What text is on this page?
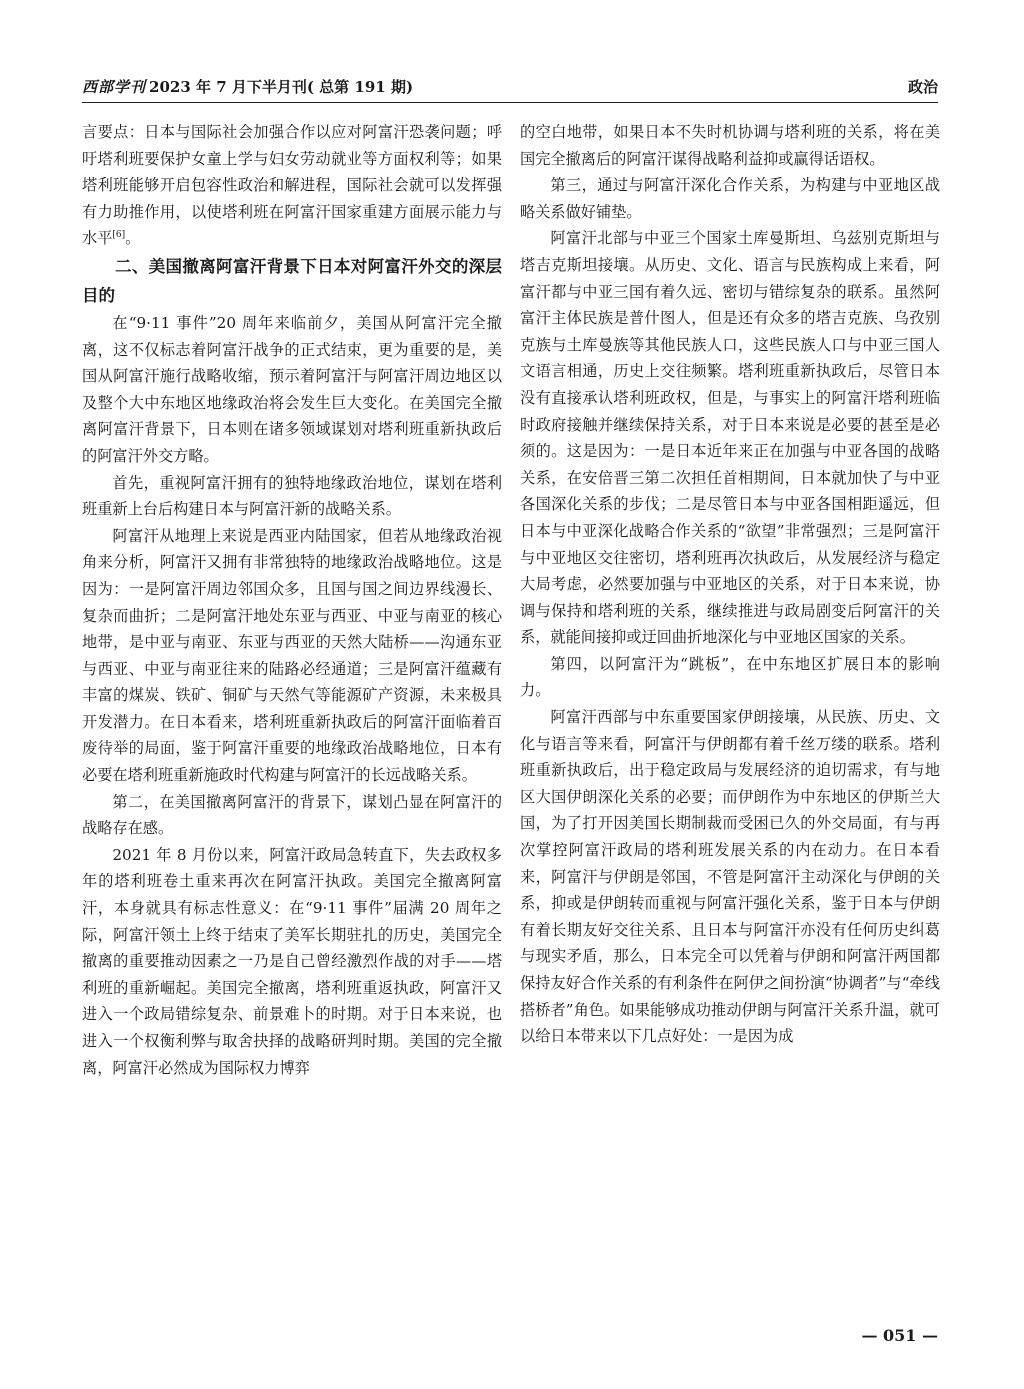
西部学刊 2023 年 7 月下半月刊( 总第 191 期)	政治

言要点：日本与国际社会加强合作以应对阿富汗恐袭问题；呼吁塔利班要保护女童上学与妇女劳动就业等方面权利等；如果塔利班能够开启包容性政治和解进程，国际社会就可以发挥强有力助推作用，以使塔利班在阿富汗国家重建方面展示能力与水平[6]。

二、美国撤离阿富汗背景下日本对阿富汗外交的深层目的

在“9·11 事件”20 周年来临前夕，美国从阿富汗完全撤离，这不仅标志着阿富汗战争的正式结束，更为重要的是，美国从阿富汗施行战略收缩，预示着阿富汗与阿富汗周边地区以及整个大中东地区地缘政治将会发生巨大变化。在美国完全撤离阿富汗背景下，日本则在诸多领域谋划对塔利班重新执政后的阿富汗外交方略。

首先，重视阿富汗拥有的独特地缘政治地位，谋划在塔利班重新上台后构建日本与阿富汗新的战略关系。

阿富汗从地理上来说是西亚内陆国家，但若从地缘政治视角来分析，阿富汗又拥有非常独特的地缘政治战略地位。这是因为：一是阿富汗周边邻国众多，且国与国之间边界线漫长、复杂而曲折；二是阿富汗地处东亚与西亚、中亚与南亚的核心地带，是中亚与南亚、东亚与西亚的天然大陆桥——沟通东亚与西亚、中亚与南亚往来的陆路必经通道；三是阿富汗蕴藏有丰富的煤炭、铁矿、铜矿与天然气等能源矿产资源，未来极具开发潜力。在日本看来，塔利班重新执政后的阿富汗面临着百废待举的局面，鉴于阿富汗重要的地缘政治战略地位，日本有必要在塔利班重新施政时代构建与阿富汗的长远战略关系。

第二，在美国撤离阿富汗的背景下，谋划凸显在阿富汗的战略存在感。

2021 年 8 月份以来，阿富汗政局急转直下，失去政权多年的塔利班卷土重来再次在阿富汗执政。美国完全撤离阿富汗，本身就具有标志性意义：在“9·11 事件”届满 20 周年之际，阿富汗领土上终于结束了美军长期驻扎的历史，美国完全撤离的重要推动因素之一乃是自己曾经激烈作战的对手——塔利班的重新崛起。美国完全撤离，塔利班重返执政，阿富汗又进入一个政局错综复杂、前景难卜的时期。对于日本来说，也进入一个权衡利弊与取舍抉择的战略研判时期。美国的完全撤离，阿富汗必然成为国际权力博弈

的空白地带，如果日本不失时机协调与塔利班的关系，将在美国完全撤离后的阿富汗谋得战略利益抑或赢得话语权。

第三，通过与阿富汗深化合作关系，为构建与中亚地区战略关系做好铺垫。

阿富汗北部与中亚三个国家土库曼斯坦、乌兹别克斯坦与塔吉克斯坦接壤。从历史、文化、语言与民族构成上来看，阿富汗都与中亚三国有着久远、密切与错综复杂的联系。虽然阿富汗主体民族是普什图人，但是还有众多的塔吉克族、乌孜别克族与土库曼族等其他民族人口，这些民族人口与中亚三国人文语言相通，历史上交往频繁。塔利班重新执政后，尽管日本没有直接承认塔利班政权，但是，与事实上的阿富汗塔利班临时政府接触并继续保持关系，对于日本来说是必要的甚至是必须的。这是因为：一是日本近年来正在加强与中亚各国的战略关系，在安倍晋三第二次担任首相期间，日本就加快了与中亚各国深化关系的步伐；二是尽管日本与中亚各国相距遥远，但日本与中亚深化战略合作关系的“欲望”非常强烈；三是阿富汗与中亚地区交往密切，塔利班再次执政后，从发展经济与稳定大局考虑，必然要加强与中亚地区的关系，对于日本来说，协调与保持和塔利班的关系，继续推进与政局剧变后阿富汗的关系，就能间接抑或迂回曲折地深化与中亚地区国家的关系。

第四，以阿富汗为“跳板”，在中东地区扩展日本的影响力。

阿富汗西部与中东重要国家伊朗接壤，从民族、历史、文化与语言等来看，阿富汗与伊朗都有着千丝万缕的联系。塔利班重新执政后，出于稳定政局与发展经济的迫切需求，有与地区大国伊朗深化关系的必要；而伊朗作为中东地区的伊斯兰大国，为了打开因美国长期制裁而受困已久的外交局面，有与再次掌控阿富汗政局的塔利班发展关系的内在动力。在日本看来，阿富汗与伊朗是邻国，不管是阿富汗主动深化与伊朗的关系，抑或是伊朗转而重视与阿富汗强化关系，鉴于日本与伊朗有着长期友好交往关系、且日本与阿富汗亦没有任何历史纠葛与现实矛盾，那么，日本完全可以凭着与伊朗和阿富汗两国都保持友好合作关系的有利条件在阿伊之间扮演“协调者”与“牵线搭桥者”角色。如果能够成功推动伊朗与阿富汗关系升温，就可以给日本带来以下几点好处：一是因为成

— 051 —
